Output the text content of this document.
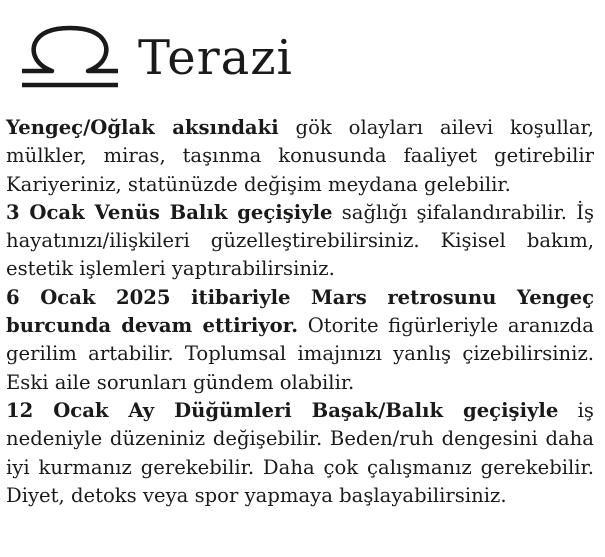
Terazi

Yengeç/Oğlak aksındaki gök olayları ailevi koşullar, mülkler, miras, taşınma konusunda faaliyet getirebilir Kariyeriniz, statünüzde değişim meydana gelebilir.

3 Ocak Venüs Balık geçişiyle sağlığı şifalandırabilir. İş hayatınızı/ilişkileri güzelleştirebilirsiniz. Kişisel bakım, estetik işlemleri yaptırabilirsiniz.

6 Ocak 2025 itibariyle Mars retrosunu Yengeç burcunda devam ettiriyor. Otorite figürleriyle aranızda gerilim artabilir. Toplumsal imajınızı yanlış çizebilirsiniz. Eski aile sorunları gündem olabilir.

12 Ocak Ay Düğümleri Başak/Balık geçişiyle iş nedeniyle düzeniniz değişebilir. Beden/ruh dengesini daha iyi kurmanız gerekebilir. Daha çok çalışmanız gerekebilir. Diyet, detoks veya spor yapmaya başlayabilirsiniz.
